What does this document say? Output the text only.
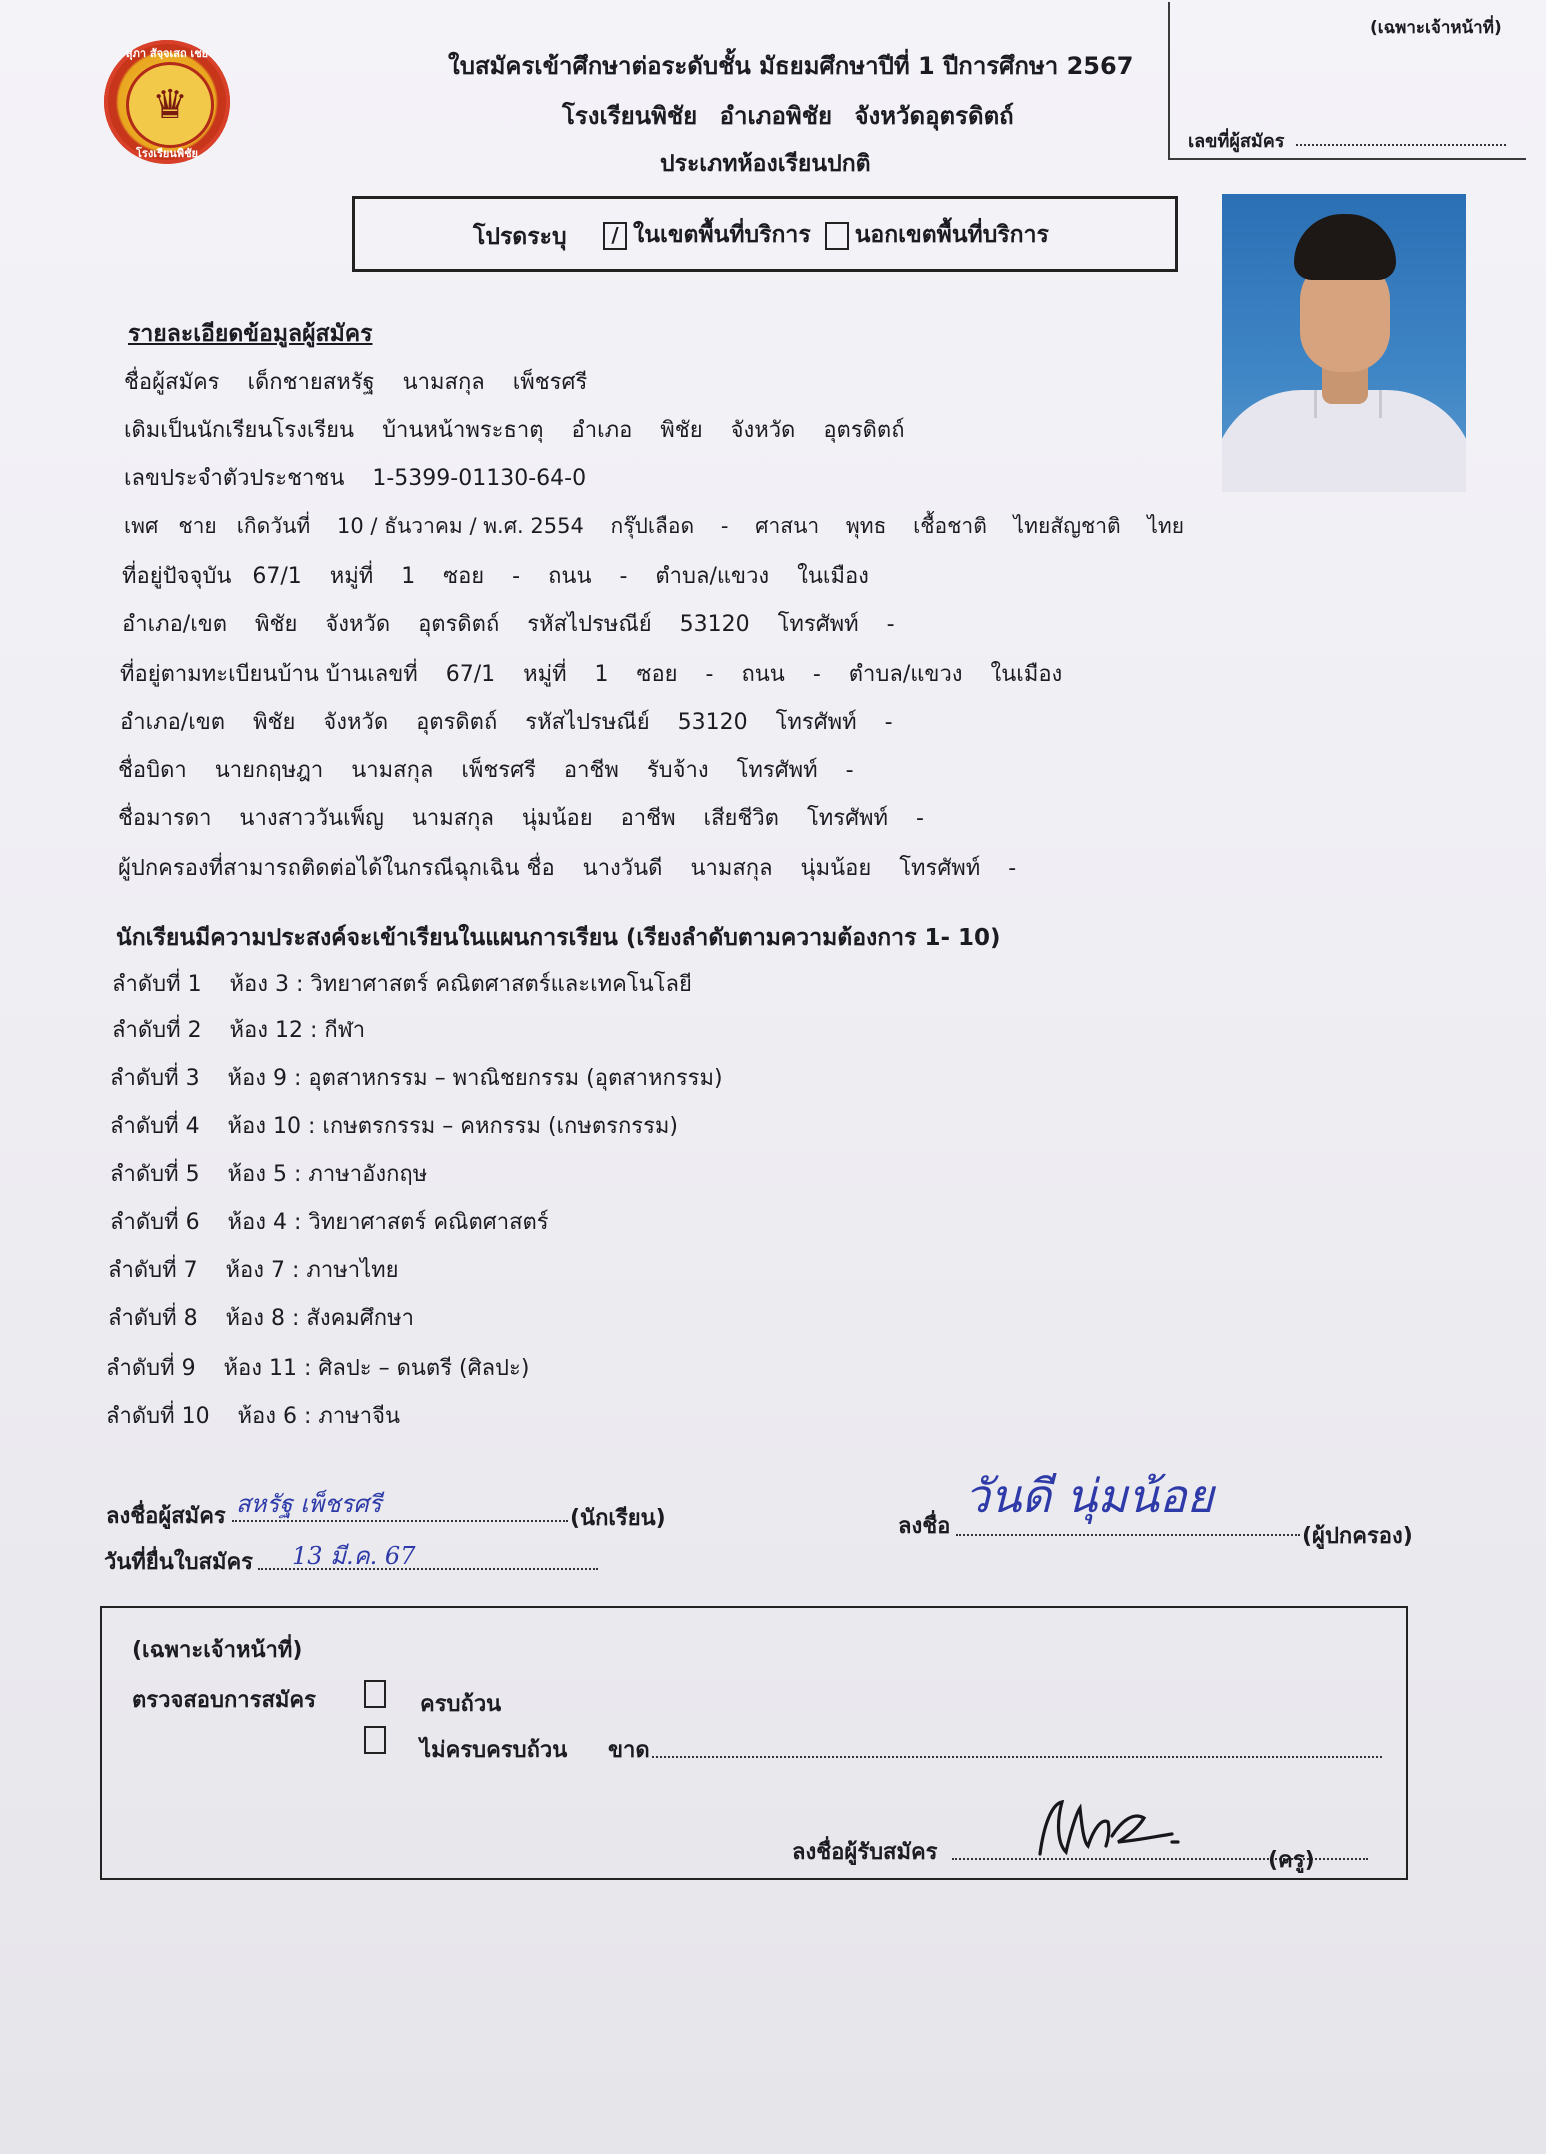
สุภา สัจฺจเสถ เชย
♛
โรงเรียนพิชัย
ใบสมัครเข้าศึกษาต่อระดับชั้น มัธยมศึกษาปีที่ 1 ปีการศึกษา 2567
โรงเรียนพิชัย อำเภอพิชัย จังหวัดอุตรดิตถ์
ประเภทห้องเรียนปกติ
(เฉพาะเจ้าหน้าที่)
เลขที่ผู้สมัคร
โปรดระบุ	/ ในเขตพื้นที่บริการ นอกเขตพื้นที่บริการ
รายละเอียดข้อมูลผู้สมัคร
ชื่อผู้สมัคร    เด็กชายสหรัฐ    นามสกุล    เพ็ชรศรี
เดิมเป็นนักเรียนโรงเรียน    บ้านหน้าพระธาตุ    อำเภอ    พิชัย    จังหวัด    อุตรดิตถ์
เลขประจำตัวประชาชน    1-5399-01130-64-0
เพศ   ชาย   เกิดวันที่    10 / ธันวาคม / พ.ศ. 2554    กรุ๊ปเลือด    -    ศาสนา    พุทธ    เชื้อชาติ    ไทยสัญชาติ    ไทย
ที่อยู่ปัจจุบัน   67/1    หมู่ที่    1    ซอย    -    ถนน    -    ตำบล/แขวง    ในเมือง
อำเภอ/เขต    พิชัย    จังหวัด    อุตรดิตถ์    รหัสไปรษณีย์    53120    โทรศัพท์    -
ที่อยู่ตามทะเบียนบ้าน บ้านเลขที่    67/1    หมู่ที่    1    ซอย    -    ถนน    -    ตำบล/แขวง    ในเมือง
อำเภอ/เขต    พิชัย    จังหวัด    อุตรดิตถ์    รหัสไปรษณีย์    53120    โทรศัพท์    -
ชื่อบิดา    นายกฤษฎา    นามสกุล    เพ็ชรศรี    อาชีพ    รับจ้าง    โทรศัพท์    -
ชื่อมารดา    นางสาววันเพ็ญ    นามสกุล    นุ่มน้อย    อาชีพ    เสียชีวิต    โทรศัพท์    -
ผู้ปกครองที่สามารถติดต่อได้ในกรณีฉุกเฉิน ชื่อ    นางวันดี    นามสกุล    นุ่มน้อย    โทรศัพท์    -
นักเรียนมีความประสงค์จะเข้าเรียนในแผนการเรียน (เรียงลำดับตามความต้องการ 1- 10)
ลำดับที่ 1    ห้อง 3 : วิทยาศาสตร์ คณิตศาสตร์และเทคโนโลยี
ลำดับที่ 2    ห้อง 12 : กีฬา
ลำดับที่ 3    ห้อง 9 : อุตสาหกรรม – พาณิชยกรรม (อุตสาหกรรม)
ลำดับที่ 4    ห้อง 10 : เกษตรกรรม – คหกรรม (เกษตรกรรม)
ลำดับที่ 5    ห้อง 5 : ภาษาอังกฤษ
ลำดับที่ 6    ห้อง 4 : วิทยาศาสตร์ คณิตศาสตร์
ลำดับที่ 7    ห้อง 7 : ภาษาไทย
ลำดับที่ 8    ห้อง 8 : สังคมศึกษา
ลำดับที่ 9    ห้อง 11 : ศิลปะ – ดนตรี (ศิลปะ)
ลำดับที่ 10    ห้อง 6 : ภาษาจีน
ลงชื่อผู้สมัคร สหรัฐ เพ็ชรศรี
(นักเรียน)
วันที่ยื่นใบสมัคร 13 มี.ค. 67
ลงชื่อ
วันดี นุ่มน้อย
(ผู้ปกครอง)
(เฉพาะเจ้าหน้าที่)
ตรวจสอบการสมัคร	ครบถ้วน
ไม่ครบครบถ้วน ขาด
ลงชื่อผู้รับสมัคร	(ครู)
